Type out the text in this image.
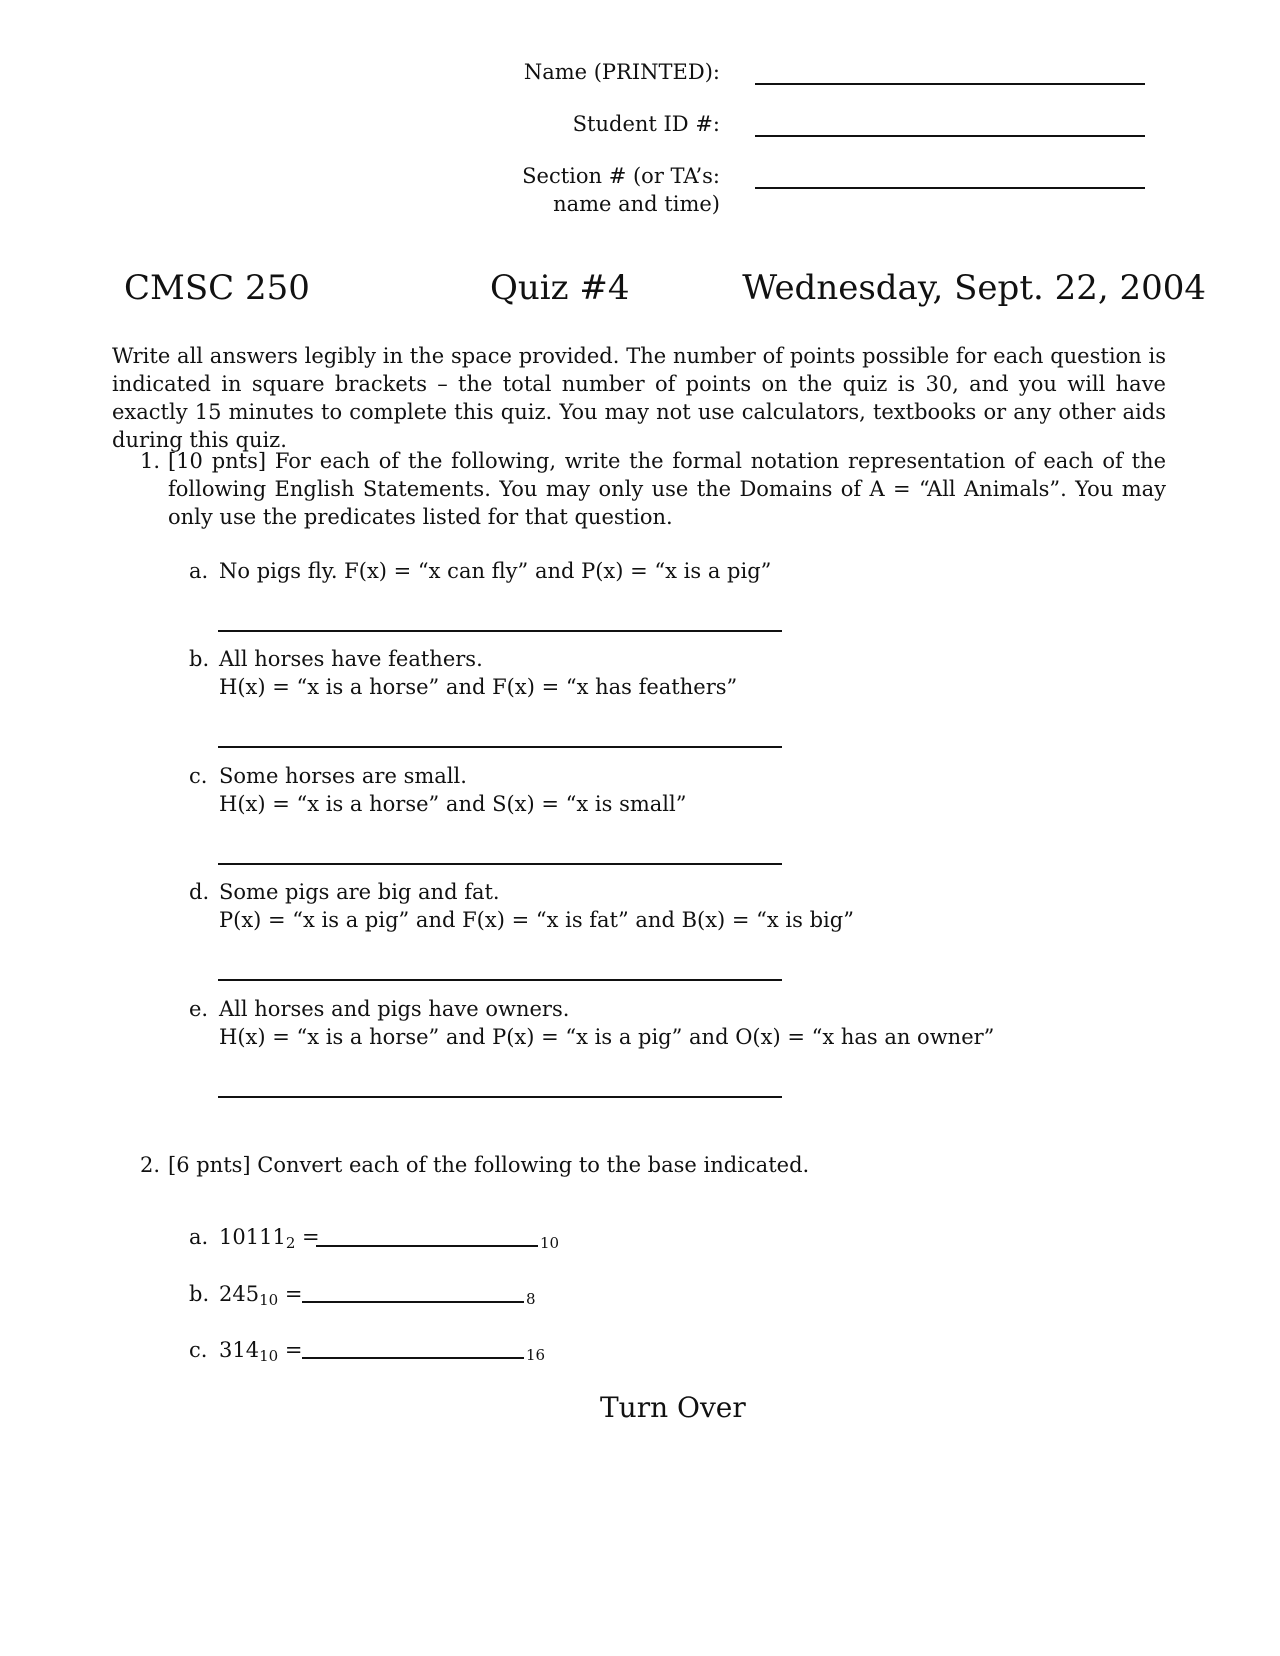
Name (PRINTED):
Student ID #:
Section # (or TA’s:
name and time)
CMSC 250	Quiz #4	Wednesday, Sept. 22, 2004
Write all answers legibly in the space provided. The number of points possible for each question is indicated in square brackets – the total number of points on the quiz is 30, and you will have exactly 15 minutes to complete this quiz. You may not use calculators, textbooks or any other aids during this quiz.
1. [10 pnts] For each of the following, write the formal notation representation of each of the following English Statements. You may only use the Domains of A = “All Animals”. You may only use the predicates listed for that question.
a. No pigs fly. F(x) = “x can fly” and P(x) = “x is a pig”
b. All horses have feathers.
H(x) = “x is a horse” and F(x) = “x has feathers”
c. Some horses are small.
H(x) = “x is a horse” and S(x) = “x is small”
d. Some pigs are big and fat.
P(x) = “x is a pig” and F(x) = “x is fat” and B(x) = “x is big”
e. All horses and pigs have owners.
H(x) = “x is a horse” and P(x) = “x is a pig” and O(x) = “x has an owner”
2. [6 pnts] Convert each of the following to the base indicated.
a. $10111_2$ =	10
b. $245_{10}$ =	8
c. $314_{10}$ =	16
Turn Over
